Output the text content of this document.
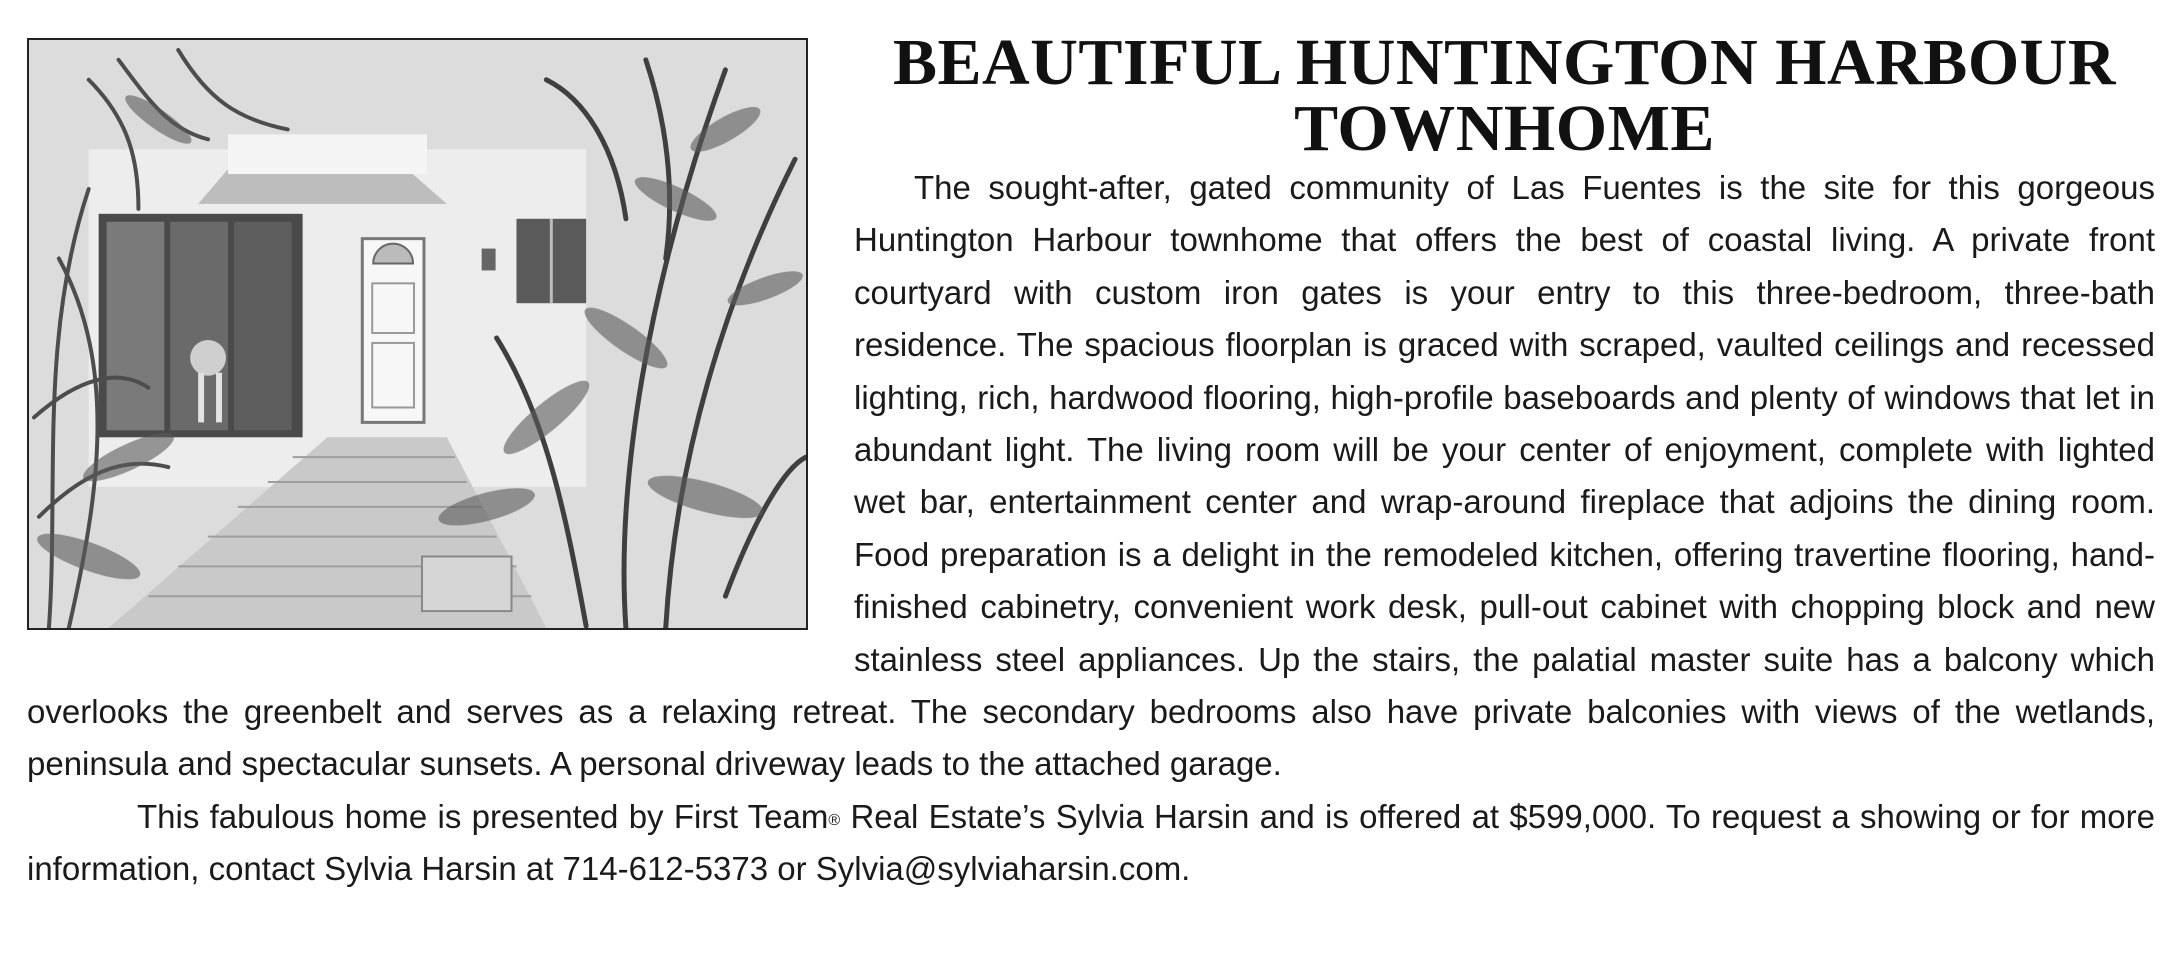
BEAUTIFUL HUNTINGTON HARBOUR
TOWNHOME

The sought-after, gated community of Las Fuentes is the site for this gorgeous Huntington Harbour townhome that offers the best of coastal living. A private front courtyard with custom iron gates is your entry to this three-bedroom, three-bath residence. The spacious floorplan is graced with scraped, vaulted ceilings and recessed lighting, rich, hardwood flooring, high-profile baseboards and plenty of windows that let in abundant light. The living room will be your center of enjoyment, complete with lighted wet bar, entertainment center and wrap-around fireplace that adjoins the dining room. Food preparation is a delight in the remodeled kitchen, offering travertine flooring, hand-finished cabinetry, convenient work desk, pull-out cabinet with chopping block and new stainless steel appliances. Up the stairs, the palatial master suite has a balcony which overlooks the greenbelt and serves as a relaxing retreat. The secondary bedrooms also have private balconies with views of the wetlands, peninsula and spectacular sunsets. A personal driveway leads to the attached garage.

This fabulous home is presented by First Team® Real Estate’s Sylvia Harsin and is offered at $599,000. To request a showing or for more information, contact Sylvia Harsin at 714-612-5373 or Sylvia@sylviaharsin.com.
